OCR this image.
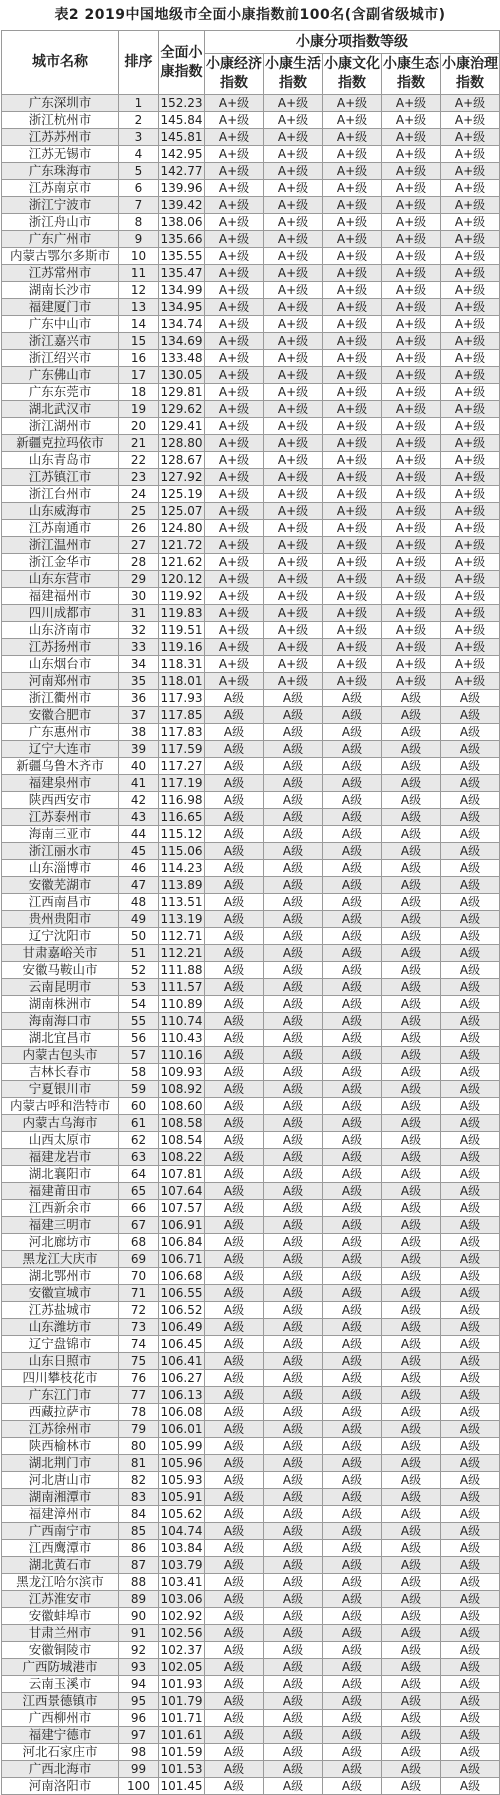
表2 2019中国地级市全面小康指数前100名(含副省级城市)
城市名称	排序	全面小康指数	小康分项指数等级				
			小康经济指数	小康生活指数	小康文化指数	小康生态指数	小康治理指数
广东深圳市	1	152.23	A+级	A+级	A+级	A+级	A+级
浙江杭州市	2	145.84	A+级	A+级	A+级	A+级	A+级
江苏苏州市	3	145.81	A+级	A+级	A+级	A+级	A+级
江苏无锡市	4	142.95	A+级	A+级	A+级	A+级	A+级
广东珠海市	5	142.77	A+级	A+级	A+级	A+级	A+级
江苏南京市	6	139.96	A+级	A+级	A+级	A+级	A+级
浙江宁波市	7	139.42	A+级	A+级	A+级	A+级	A+级
浙江舟山市	8	138.06	A+级	A+级	A+级	A+级	A+级
广东广州市	9	135.66	A+级	A+级	A+级	A+级	A+级
内蒙古鄂尔多斯市	10	135.55	A+级	A+级	A+级	A+级	A+级
江苏常州市	11	135.47	A+级	A+级	A+级	A+级	A+级
湖南长沙市	12	134.99	A+级	A+级	A+级	A+级	A+级
福建厦门市	13	134.95	A+级	A+级	A+级	A+级	A+级
广东中山市	14	134.74	A+级	A+级	A+级	A+级	A+级
浙江嘉兴市	15	134.69	A+级	A+级	A+级	A+级	A+级
浙江绍兴市	16	133.48	A+级	A+级	A+级	A+级	A+级
广东佛山市	17	130.05	A+级	A+级	A+级	A+级	A+级
广东东莞市	18	129.81	A+级	A+级	A+级	A+级	A+级
湖北武汉市	19	129.62	A+级	A+级	A+级	A+级	A+级
浙江湖州市	20	129.41	A+级	A+级	A+级	A+级	A+级
新疆克拉玛依市	21	128.80	A+级	A+级	A+级	A+级	A+级
山东青岛市	22	128.67	A+级	A+级	A+级	A+级	A+级
江苏镇江市	23	127.92	A+级	A+级	A+级	A+级	A+级
浙江台州市	24	125.19	A+级	A+级	A+级	A+级	A+级
山东威海市	25	125.07	A+级	A+级	A+级	A+级	A+级
江苏南通市	26	124.80	A+级	A+级	A+级	A+级	A+级
浙江温州市	27	121.72	A+级	A+级	A+级	A+级	A+级
浙江金华市	28	121.62	A+级	A+级	A+级	A+级	A+级
山东东营市	29	120.12	A+级	A+级	A+级	A+级	A+级
福建福州市	30	119.92	A+级	A+级	A+级	A+级	A+级
四川成都市	31	119.83	A+级	A+级	A+级	A+级	A+级
山东济南市	32	119.51	A+级	A+级	A+级	A+级	A+级
江苏扬州市	33	119.16	A+级	A+级	A+级	A+级	A+级
山东烟台市	34	118.31	A+级	A+级	A+级	A+级	A+级
河南郑州市	35	118.01	A+级	A+级	A+级	A+级	A+级
浙江衢州市	36	117.93	A级	A级	A级	A级	A级
安徽合肥市	37	117.85	A级	A级	A级	A级	A级
广东惠州市	38	117.83	A级	A级	A级	A级	A级
辽宁大连市	39	117.59	A级	A级	A级	A级	A级
新疆乌鲁木齐市	40	117.27	A级	A级	A级	A级	A级
福建泉州市	41	117.19	A级	A级	A级	A级	A级
陕西西安市	42	116.98	A级	A级	A级	A级	A级
江苏泰州市	43	116.65	A级	A级	A级	A级	A级
海南三亚市	44	115.12	A级	A级	A级	A级	A级
浙江丽水市	45	115.06	A级	A级	A级	A级	A级
山东淄博市	46	114.23	A级	A级	A级	A级	A级
安徽芜湖市	47	113.89	A级	A级	A级	A级	A级
江西南昌市	48	113.51	A级	A级	A级	A级	A级
贵州贵阳市	49	113.19	A级	A级	A级	A级	A级
辽宁沈阳市	50	112.71	A级	A级	A级	A级	A级
甘肃嘉峪关市	51	112.21	A级	A级	A级	A级	A级
安徽马鞍山市	52	111.88	A级	A级	A级	A级	A级
云南昆明市	53	111.57	A级	A级	A级	A级	A级
湖南株洲市	54	110.89	A级	A级	A级	A级	A级
海南海口市	55	110.74	A级	A级	A级	A级	A级
湖北宜昌市	56	110.43	A级	A级	A级	A级	A级
内蒙古包头市	57	110.16	A级	A级	A级	A级	A级
吉林长春市	58	109.93	A级	A级	A级	A级	A级
宁夏银川市	59	108.92	A级	A级	A级	A级	A级
内蒙古呼和浩特市	60	108.60	A级	A级	A级	A级	A级
内蒙古乌海市	61	108.58	A级	A级	A级	A级	A级
山西太原市	62	108.54	A级	A级	A级	A级	A级
福建龙岩市	63	108.22	A级	A级	A级	A级	A级
湖北襄阳市	64	107.81	A级	A级	A级	A级	A级
福建莆田市	65	107.64	A级	A级	A级	A级	A级
江西新余市	66	107.57	A级	A级	A级	A级	A级
福建三明市	67	106.91	A级	A级	A级	A级	A级
河北廊坊市	68	106.84	A级	A级	A级	A级	A级
黑龙江大庆市	69	106.71	A级	A级	A级	A级	A级
湖北鄂州市	70	106.68	A级	A级	A级	A级	A级
安徽宣城市	71	106.55	A级	A级	A级	A级	A级
江苏盐城市	72	106.52	A级	A级	A级	A级	A级
山东潍坊市	73	106.49	A级	A级	A级	A级	A级
辽宁盘锦市	74	106.45	A级	A级	A级	A级	A级
山东日照市	75	106.41	A级	A级	A级	A级	A级
四川攀枝花市	76	106.27	A级	A级	A级	A级	A级
广东江门市	77	106.13	A级	A级	A级	A级	A级
西藏拉萨市	78	106.08	A级	A级	A级	A级	A级
江苏徐州市	79	106.01	A级	A级	A级	A级	A级
陕西榆林市	80	105.99	A级	A级	A级	A级	A级
湖北荆门市	81	105.96	A级	A级	A级	A级	A级
河北唐山市	82	105.93	A级	A级	A级	A级	A级
湖南湘潭市	83	105.91	A级	A级	A级	A级	A级
福建漳州市	84	105.62	A级	A级	A级	A级	A级
广西南宁市	85	104.74	A级	A级	A级	A级	A级
江西鹰潭市	86	103.84	A级	A级	A级	A级	A级
湖北黄石市	87	103.79	A级	A级	A级	A级	A级
黑龙江哈尔滨市	88	103.41	A级	A级	A级	A级	A级
江苏淮安市	89	103.06	A级	A级	A级	A级	A级
安徽蚌埠市	90	102.92	A级	A级	A级	A级	A级
甘肃兰州市	91	102.56	A级	A级	A级	A级	A级
安徽铜陵市	92	102.37	A级	A级	A级	A级	A级
广西防城港市	93	102.05	A级	A级	A级	A级	A级
云南玉溪市	94	101.93	A级	A级	A级	A级	A级
江西景德镇市	95	101.79	A级	A级	A级	A级	A级
广西柳州市	96	101.71	A级	A级	A级	A级	A级
福建宁德市	97	101.61	A级	A级	A级	A级	A级
河北石家庄市	98	101.59	A级	A级	A级	A级	A级
广西北海市	99	101.53	A级	A级	A级	A级	A级
河南洛阳市	100	101.45	A级	A级	A级	A级	A级
